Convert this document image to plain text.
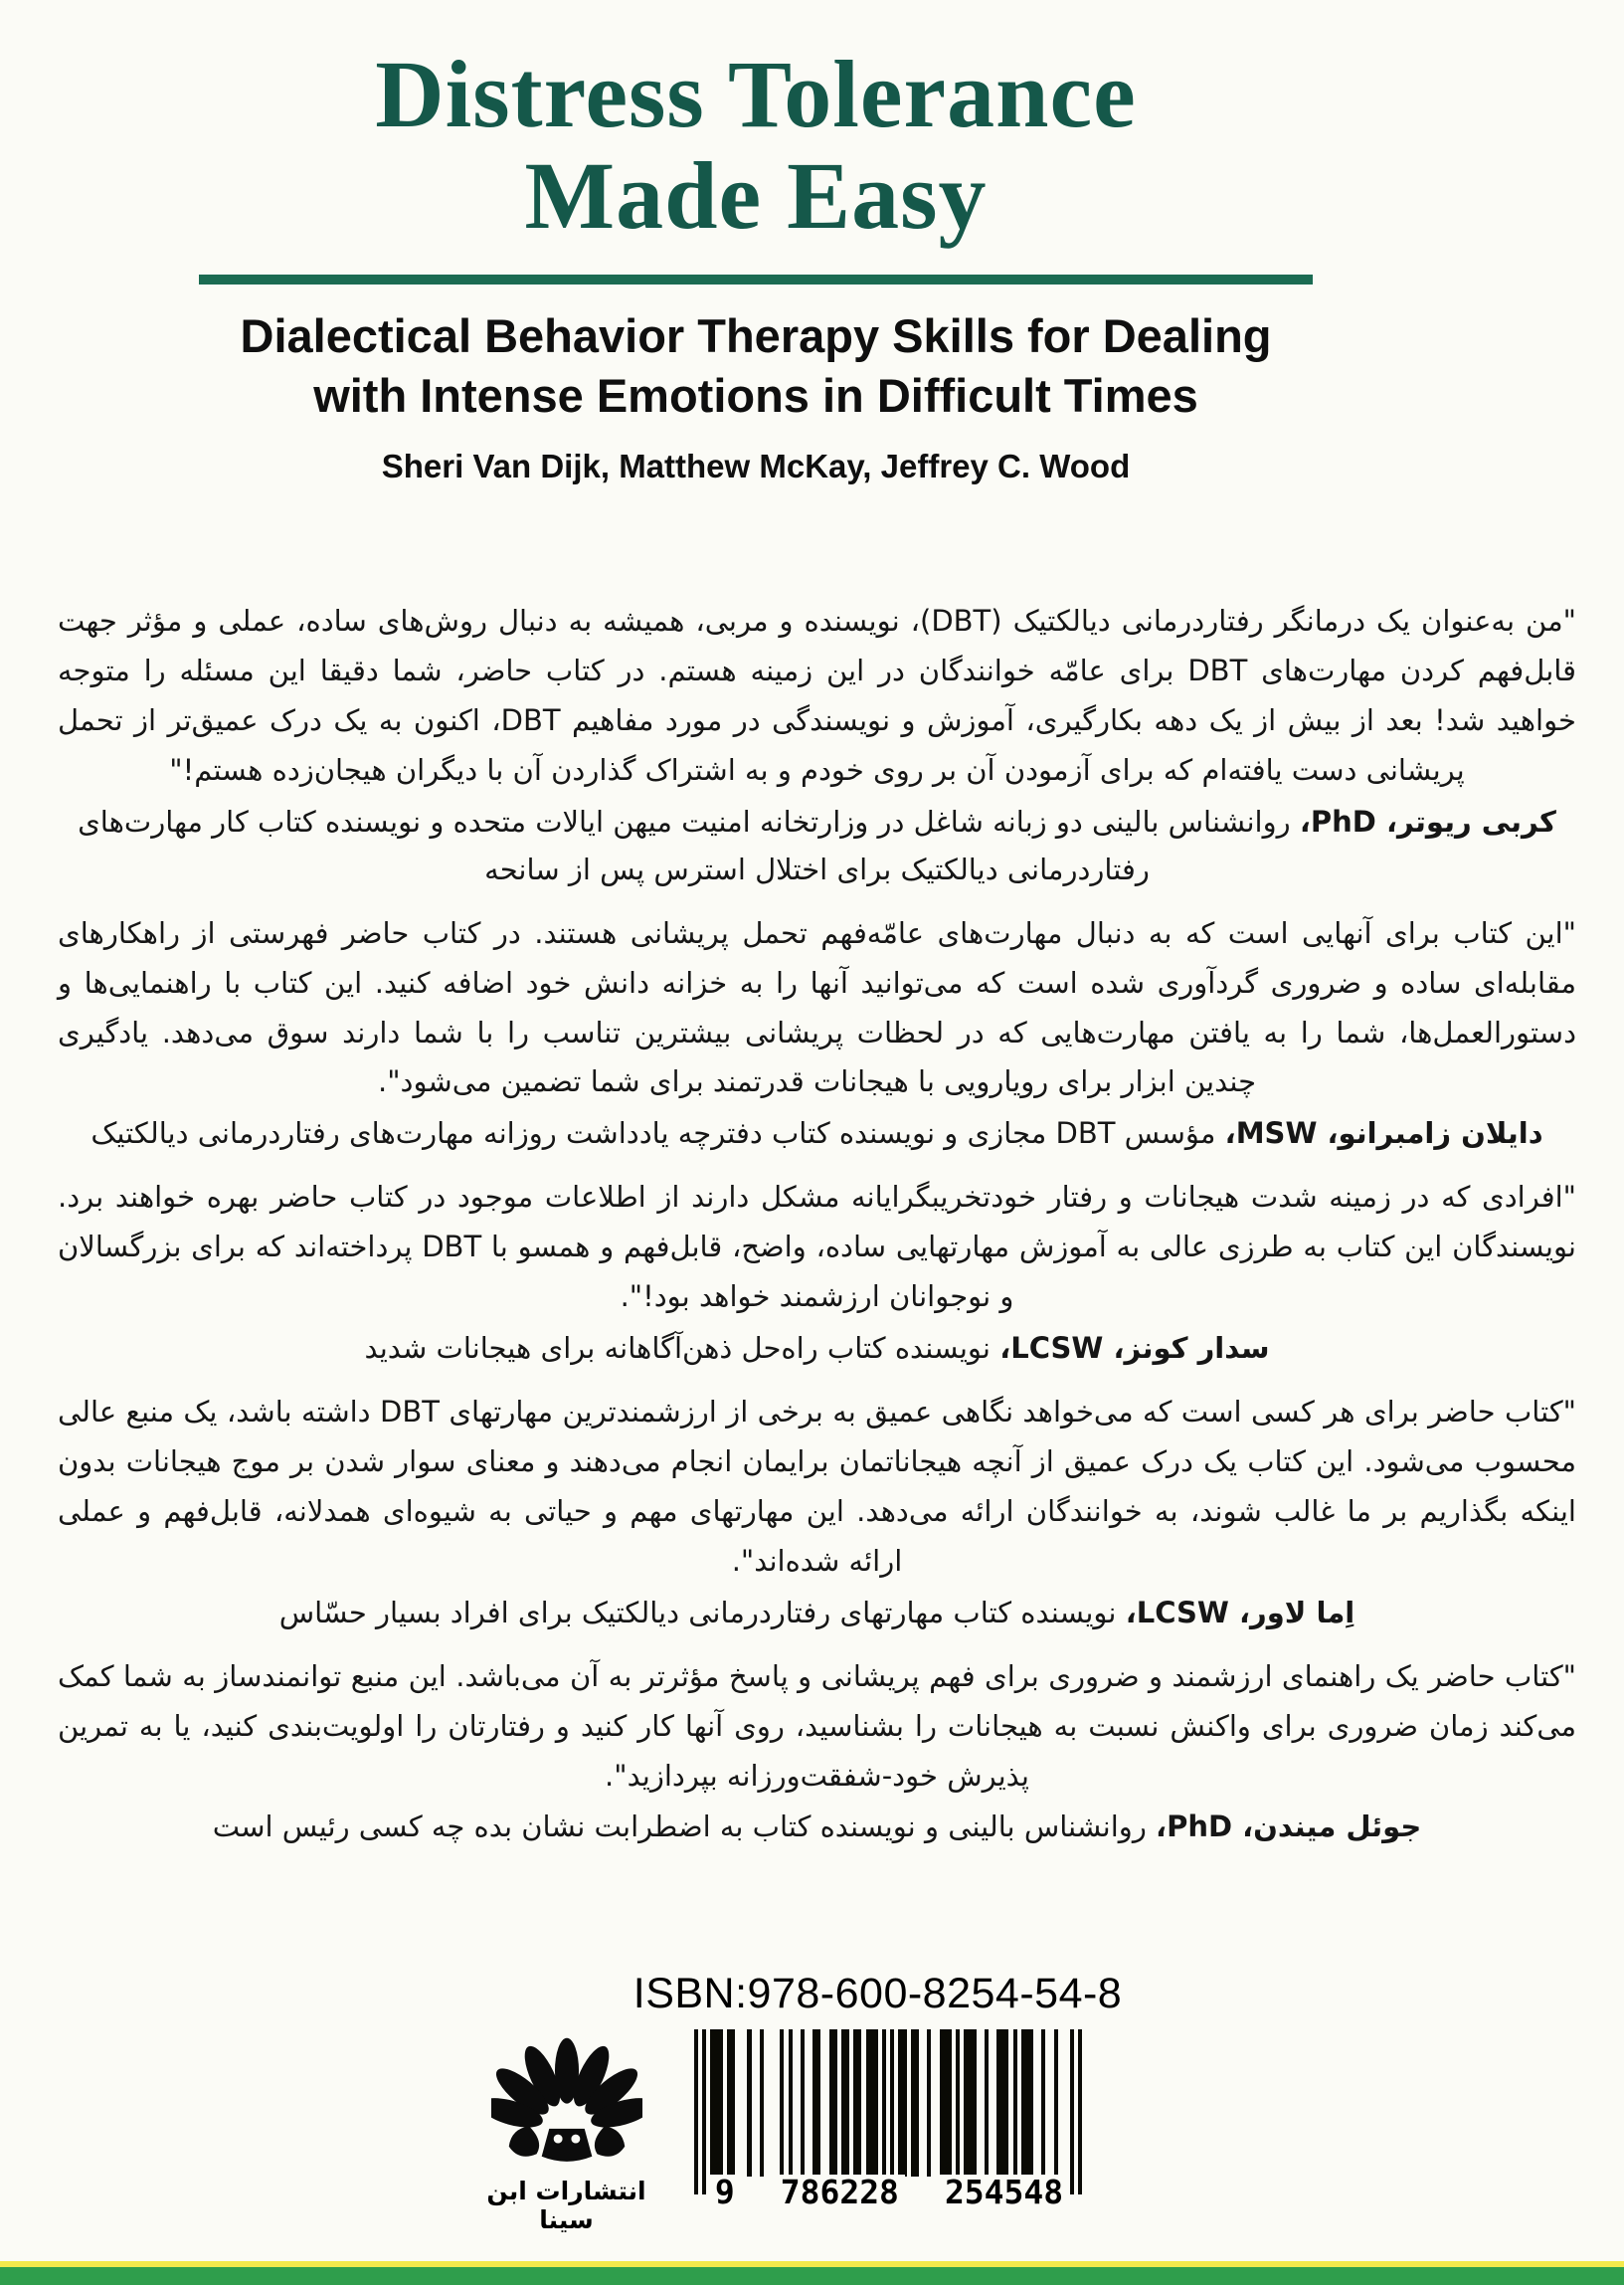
Distress Tolerance
Made Easy
Dialectical Behavior Therapy Skills for Dealing
with Intense Emotions in Difficult Times
Sheri Van Dijk, Matthew McKay, Jeffrey C. Wood

"من به‌عنوان یک درمانگر رفتاردرمانی دیالکتیک (DBT)، نویسنده و مربی، همیشه به دنبال روش‌های ساده، عملی و مؤثر جهت قابل‌فهم کردن مهارت‌های DBT برای عامّه خوانندگان در این زمینه هستم. در کتاب حاضر، شما دقیقا این مسئله را متوجه خواهید شد! بعد از بیش از یک دهه بکارگیری، آموزش و نویسندگی در مورد مفاهیم DBT، اکنون به یک درک عمیق‌تر از تحمل پریشانی دست یافته‌ام که برای آزمودن آن بر روی خودم و به اشتراک گذاردن آن با دیگران هیجان‌زده هستم!"

کربی ریوتر، PhD، روانشناس بالینی دو زبانه شاغل در وزارتخانه امنیت میهن ایالات متحده و نویسنده کتاب کار مهارت‌های رفتاردرمانی دیالکتیک برای اختلال استرس پس از سانحه

"این کتاب برای آنهایی است که به دنبال مهارت‌های عامّه‌فهم تحمل پریشانی هستند. در کتاب حاضر فهرستی از راهکارهای مقابله‌ای ساده و ضروری گردآوری شده است که می‌توانید آنها را به خزانه دانش خود اضافه کنید. این کتاب با راهنمایی‌ها و دستورالعمل‌ها، شما را به یافتن مهارت‌هایی که در لحظات پریشانی بیشترین تناسب را با شما دارند سوق می‌دهد. یادگیری چندین ابزار برای رویارویی با هیجانات قدرتمند برای شما تضمین می‌شود".

دایلان زامبرانو، MSW، مؤسس DBT مجازی و نویسنده کتاب دفترچه یادداشت روزانه مهارت‌های رفتاردرمانی دیالکتیک

"افرادی که در زمینه شدت هیجانات و رفتار خودتخریبگرایانه مشکل دارند از اطلاعات موجود در کتاب حاضر بهره خواهند برد. نویسندگان این کتاب به طرزی عالی به آموزش مهارتهایی ساده، واضح، قابل‌فهم و همسو با DBT پرداخته‌اند که برای بزرگسالان و نوجوانان ارزشمند خواهد بود!".

سدار کونز، LCSW، نویسنده کتاب راه‌حل ذهن‌آگاهانه برای هیجانات شدید

"کتاب حاضر برای هر کسی است که می‌خواهد نگاهی عمیق به برخی از ارزشمندترین مهارتهای DBT داشته باشد، یک منبع عالی محسوب می‌شود. این کتاب یک درک عمیق از آنچه هیجاناتمان برایمان انجام می‌دهند و معنای سوار شدن بر موج هیجانات بدون اینکه بگذاریم بر ما غالب شوند، به خوانندگان ارائه می‌دهد. این مهارتهای مهم و حیاتی به شیوه‌ای همدلانه، قابل‌فهم و عملی ارائه شده‌اند".

اِما لاور، LCSW، نویسنده کتاب مهارتهای رفتاردرمانی دیالکتیک برای افراد بسیار حسّاس

"کتاب حاضر یک راهنمای ارزشمند و ضروری برای فهم پریشانی و پاسخ مؤثرتر به آن می‌باشد. این منبع توانمندساز به شما کمک می‌کند زمان ضروری برای واکنش نسبت به هیجانات را بشناسید، روی آنها کار کنید و رفتارتان را اولویت‌بندی کنید، یا به تمرین پذیرش خود-شفقت‌ورزانه بپردازید".

جوئل میندن، PhD، روانشناس بالینی و نویسنده کتاب به اضطرابت نشان بده چه کسی رئیس است

ISBN:978-600-8254-54-8
انتشارات ابن سینا
9 786228 254548
